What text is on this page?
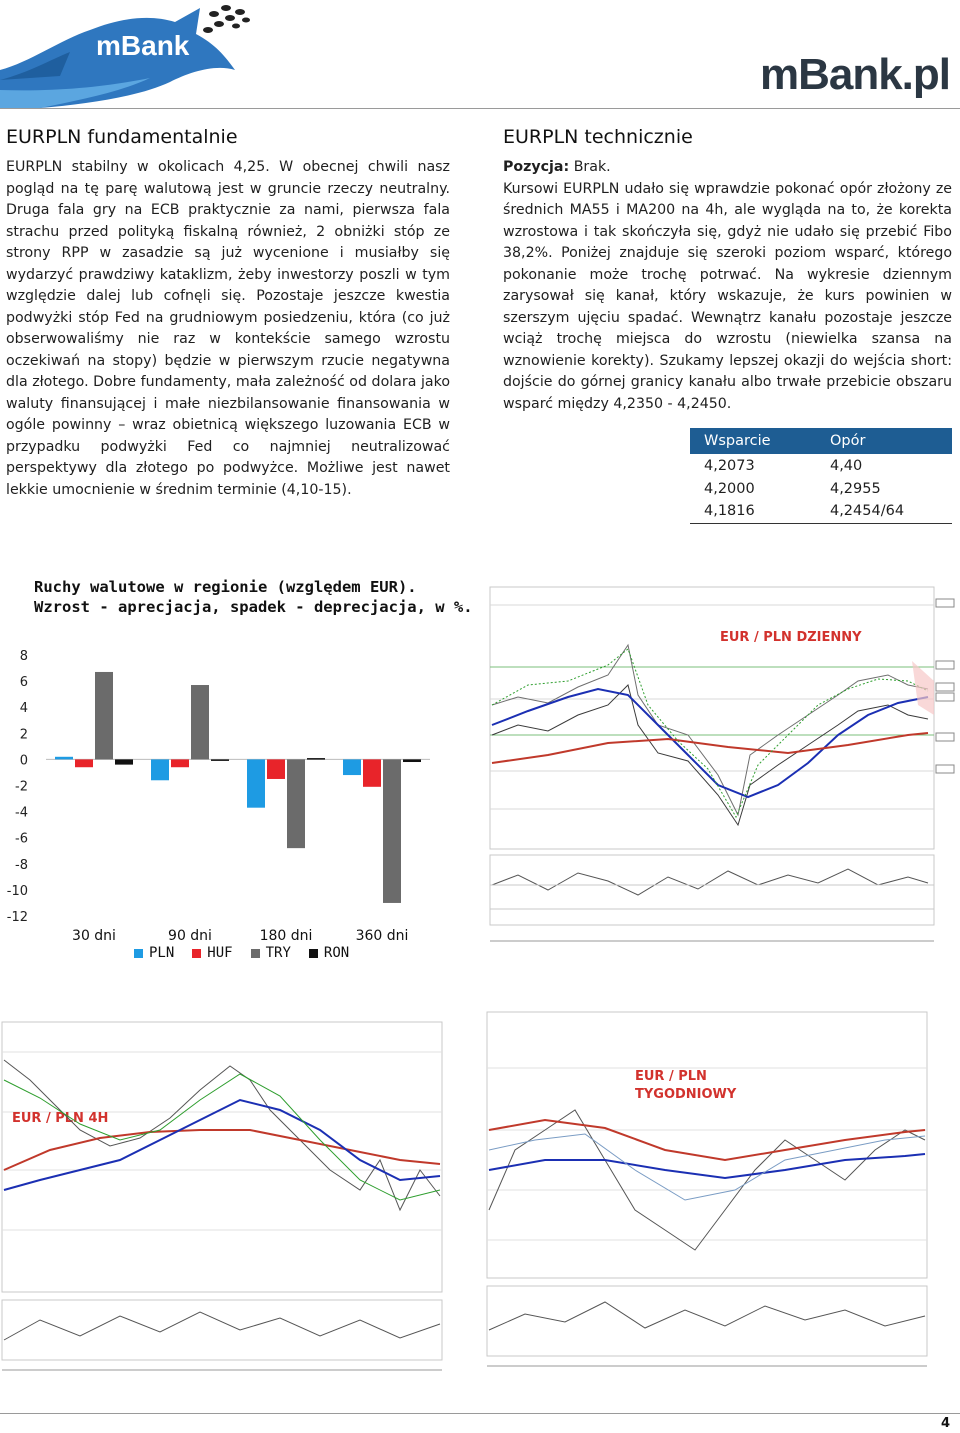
mBank
mBank.pl
EURPLN fundamentalnie

EURPLN stabilny w okolicach 4,25. W obecnej chwili nasz pogląd na tę parę walutową jest w gruncie rzeczy neutralny. Druga fala gry na ECB praktycznie za nami, pierwsza fala strachu przed polityką fiskalną również, 2 obniżki stóp ze strony RPP w zasadzie są już wycenione i musiałby się wydarzyć prawdziwy kataklizm, żeby inwestorzy poszli w tym względzie dalej lub cofnęli się. Pozostaje jeszcze kwestia podwyżki stóp Fed na grudniowym posiedzeniu, która (co już obserwowaliśmy nie raz w kontekście samego wzrostu oczekiwań na stopy) będzie w pierwszym rzucie negatywna dla złotego. Dobre fundamenty, mała zależność od dolara jako waluty finansującej i małe niezbilansowanie finansowania w ogóle powinny – wraz obietnicą większego luzowania ECB w przypadku podwyżki Fed co najmniej neutralizować perspektywy dla złotego po podwyżce. Możliwe jest nawet lekkie umocnienie w średnim terminie (4,10-15).

EURPLN technicznie

Pozycja: Brak.
Kursowi EURPLN udało się wprawdzie pokonać opór złożony ze średnich MA55 i MA200 na 4h, ale wygląda na to, że korekta wzrostowa i tak skończyła się, gdyż nie udało się przebić Fibo 38,2%. Poniżej znajduje się szeroki poziom wsparć, którego pokonanie może trochę potrwać. Na wykresie dziennym zarysował się kanał, który wskazuje, że kurs powinien w szerszym ujęciu spadać. Wewnątrz kanału pozostaje jeszcze wciąż trochę miejsca do wzrostu (niewielka szansa na wznowienie korekty). Szukamy lepszej okazji do wejścia short: dojście do górnej granicy kanału albo trwałe przebicie obszaru wsparć między 4,2350 - 4,2450.

Wsparcie	Opór
4,2073	4,40
4,2000	4,2955
4,1816	4,2454/64
Ruchy walutowe w regionie (względem EUR).
Wzrost - aprecjacja, spadek - deprecjacja, w %.
8
6
4
2
0
-2
-4
-6
-8
-10
-12
30 dni	90 dni	180 dni	360 dni
PLN HUF TRY RON
EUR / PLN DZIENNY
EUR / PLN 4H
EUR / PLN
TYGODNIOWY
4
